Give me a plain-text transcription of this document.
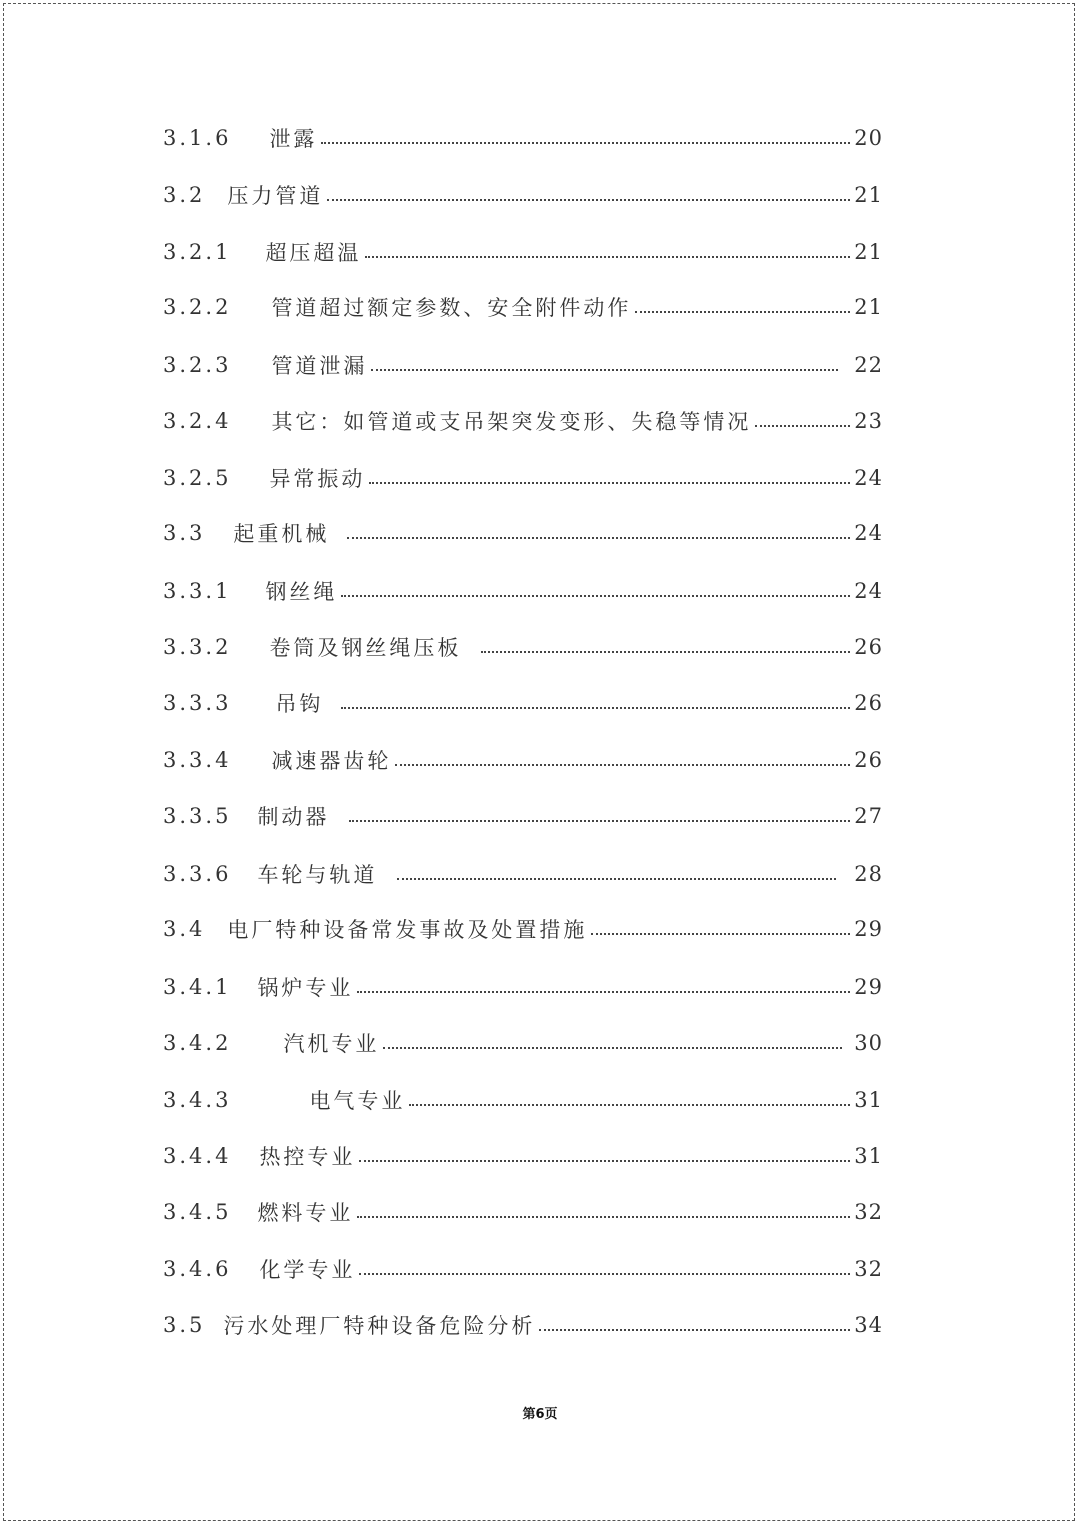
3.1.6 泄露	20
3.2 压力管道	21
3.2.1 超压超温	21
3.2.2 管道超过额定参数、安全附件动作	21
3.2.3 管道泄漏	22
3.2.4 其它：如管道或支吊架突发变形、失稳等情况	23
3.2.5 异常振动	24
3.3 起重机械	24
3.3.1 钢丝绳	24
3.3.2 卷筒及钢丝绳压板	26
3.3.3 吊钩	26
3.3.4 减速器齿轮	26
3.3.5 制动器	27
3.3.6 车轮与轨道	28
3.4 电厂特种设备常发事故及处置措施	29
3.4.1 锅炉专业	29
3.4.2 汽机专业	30
3.4.3	电气专业	31
3.4.4 热控专业	31
3.4.5 燃料专业	32
3.4.6 化学专业	32
3.5 污水处理厂特种设备危险分析	34
第6页
